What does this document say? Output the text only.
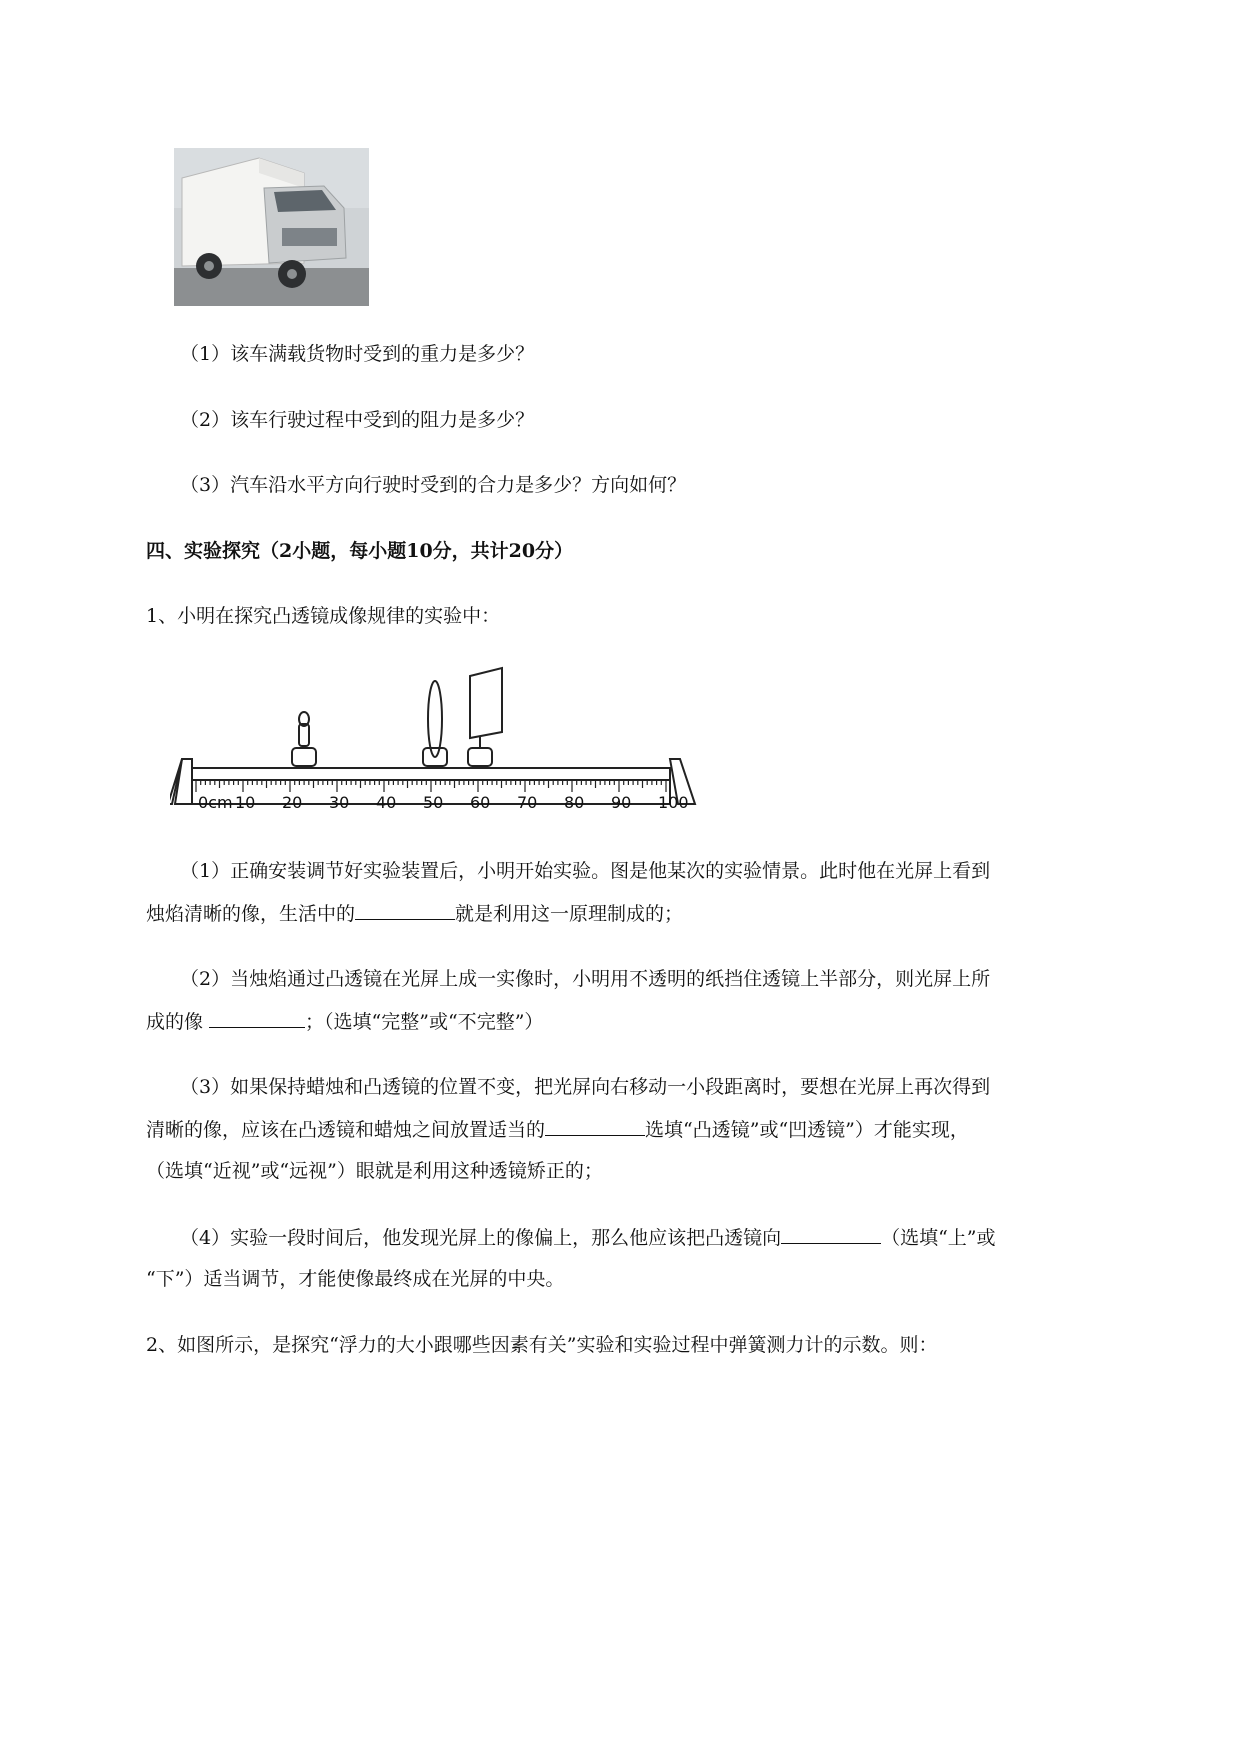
（1）该车满载货物时受到的重力是多少？
（2）该车行驶过程中受到的阻力是多少？
（3）汽车沿水平方向行驶时受到的合力是多少？方向如何？
四、实验探究（2小题，每小题10分，共计20分）
1、小明在探究凸透镜成像规律的实验中：
0cm 10 20 30 40 50 60 70 80 90 100
（1）正确安装调节好实验装置后，小明开始实验。图是他某次的实验情景。此时他在光屏上看到
烛焰清晰的像，生活中的	就是利用这一原理制成的；
（2）当烛焰通过凸透镜在光屏上成一实像时，小明用不透明的纸挡住透镜上半部分，则光屏上所
成的像	；（选填“完整”或“不完整”）
（3）如果保持蜡烛和凸透镜的位置不变，把光屏向右移动一小段距离时，要想在光屏上再次得到
清晰的像，应该在凸透镜和蜡烛之间放置适当的	选填“凸透镜”或“凹透镜”）才能实现，
（选填“近视”或“远视”）眼就是利用这种透镜矫正的；
（4）实验一段时间后，他发现光屏上的像偏上，那么他应该把凸透镜向	（选填“上”或
“下”）适当调节，才能使像最终成在光屏的中央。
2、如图所示，是探究“浮力的大小跟哪些因素有关”实验和实验过程中弹簧测力计的示数。则：
